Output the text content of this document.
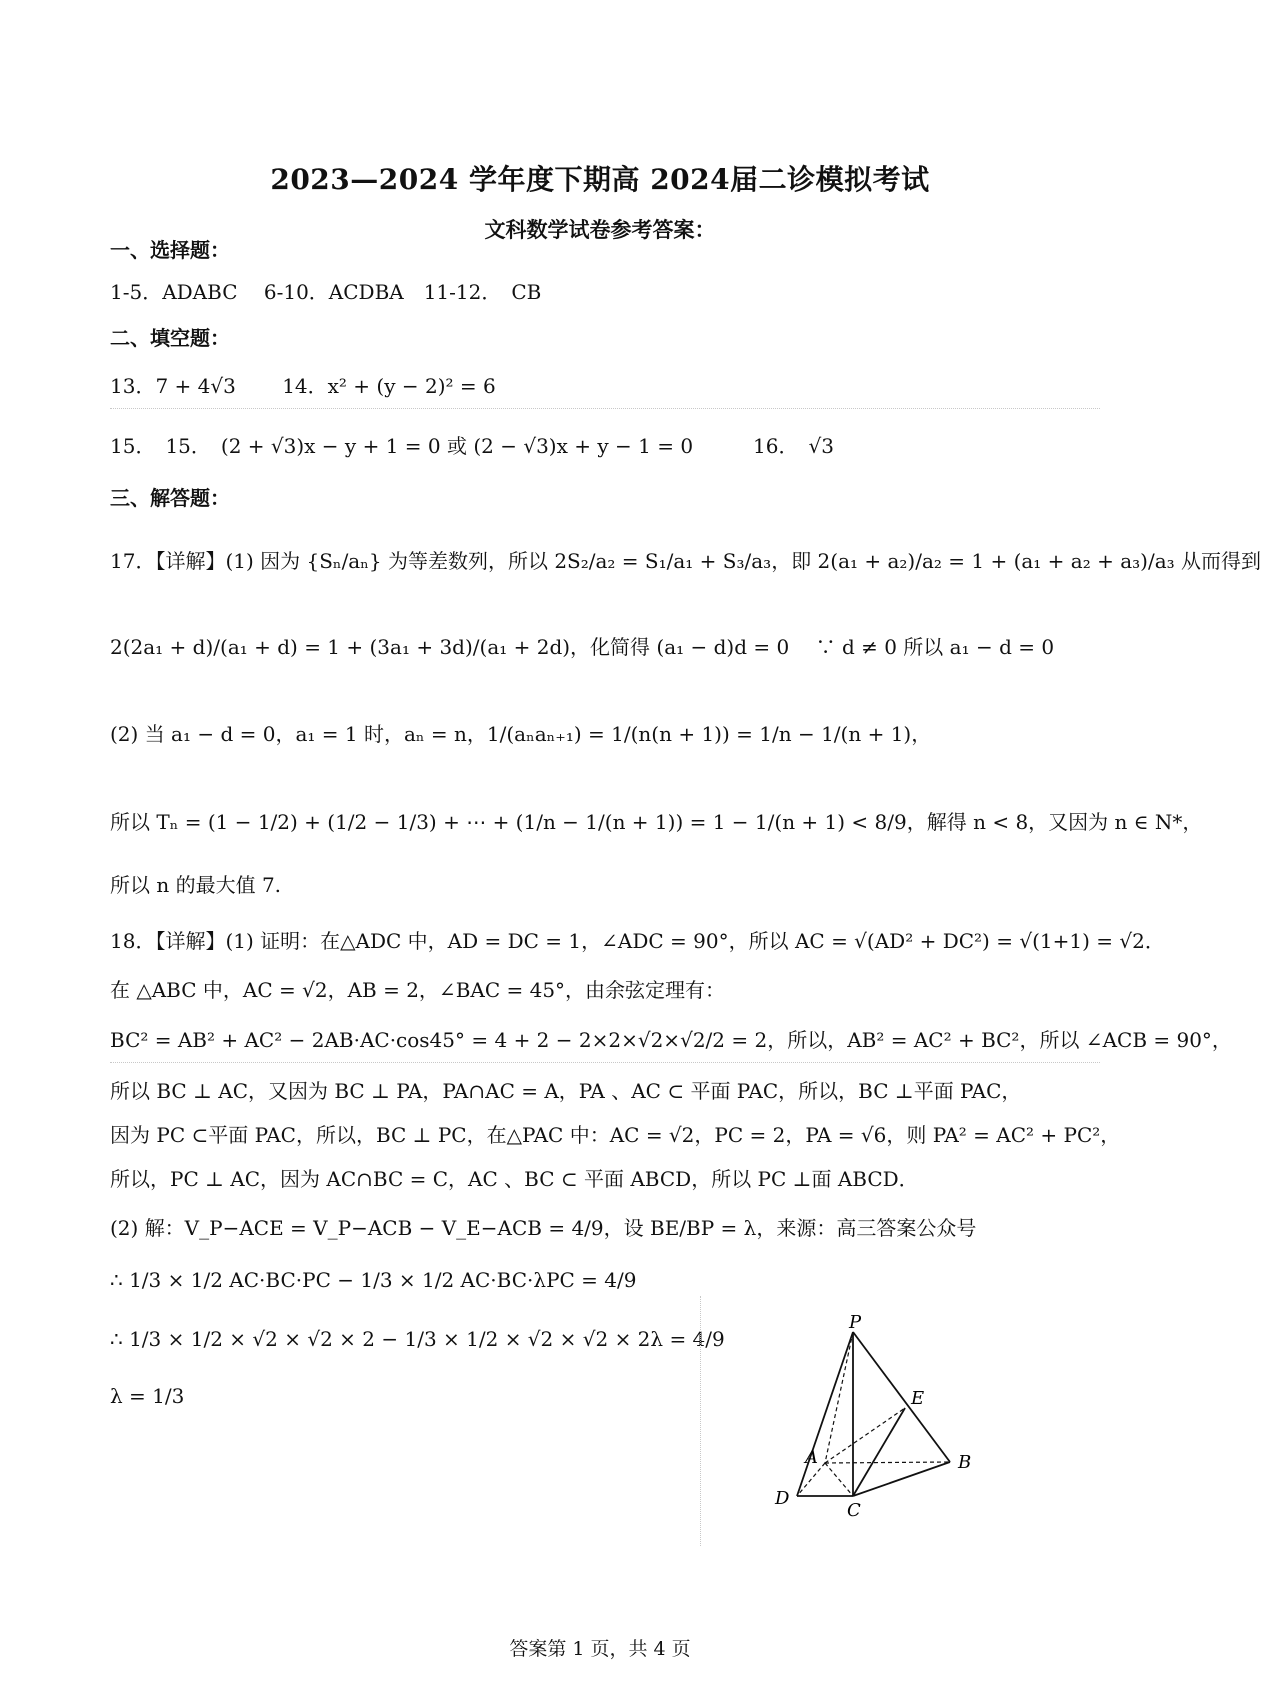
2023—2024 学年度下期高 2024届二诊模拟考试
文科数学试卷参考答案：
一、选择题：
1-5．ADABC　 6-10．ACDBA　11-12．　CB
二、填空题：
13．7 + 4√3　　 14．x² + (y − 2)² = 6
15．　15．　(2 + √3)x − y + 1 = 0 或 (2 − √3)x + y − 1 = 0　　　16．　√3
三、解答题：
17．【详解】(1) 因为 {Sₙ/aₙ} 为等差数列，所以 2S₂/a₂ = S₁/a₁ + S₃/a₃，即 2(a₁ + a₂)/a₂ = 1 + (a₁ + a₂ + a₃)/a₃ 从而得到
2(2a₁ + d)/(a₁ + d) = 1 + (3a₁ + 3d)/(a₁ + 2d)，化简得 (a₁ − d)d = 0　 ∵ d ≠ 0 所以 a₁ − d = 0
(2) 当 a₁ − d = 0，a₁ = 1 时，aₙ = n，1/(aₙaₙ₊₁) = 1/(n(n + 1)) = 1/n − 1/(n + 1)，
所以 Tₙ = (1 − 1/2) + (1/2 − 1/3) + ⋯ + (1/n − 1/(n + 1)) = 1 − 1/(n + 1) < 8/9，解得 n < 8，又因为 n ∈ N*，
所以 n 的最大值 7.
18．【详解】(1) 证明：在△ADC 中，AD = DC = 1，∠ADC = 90°，所以 AC = √(AD² + DC²) = √(1+1) = √2．
在 △ABC 中，AC = √2，AB = 2，∠BAC = 45°，由余弦定理有：
BC² = AB² + AC² − 2AB·AC·cos45° = 4 + 2 − 2×2×√2×√2/2 = 2，所以，AB² = AC² + BC²，所以 ∠ACB = 90°，
所以 BC ⊥ AC，又因为 BC ⊥ PA，PA∩AC = A，PA 、AC ⊂ 平面 PAC，所以，BC ⊥平面 PAC，
因为 PC ⊂平面 PAC，所以，BC ⊥ PC，在△PAC 中：AC = √2，PC = 2，PA = √6，则 PA² = AC² + PC²，
所以，PC ⊥ AC，因为 AC∩BC = C，AC 、BC ⊂ 平面 ABCD，所以 PC ⊥面 ABCD．
(2) 解：V_P−ACE = V_P−ACB − V_E−ACB = 4/9，设 BE/BP = λ，来源：高三答案公众号
∴ 1/3 × 1/2 AC·BC·PC − 1/3 × 1/2 AC·BC·λPC = 4/9
∴ 1/3 × 1/2 × √2 × √2 × 2 − 1/3 × 1/2 × √2 × √2 × 2λ = 4/9
λ = 1/3
P
E
A	B
D
C
答案第 1 页，共 4 页
